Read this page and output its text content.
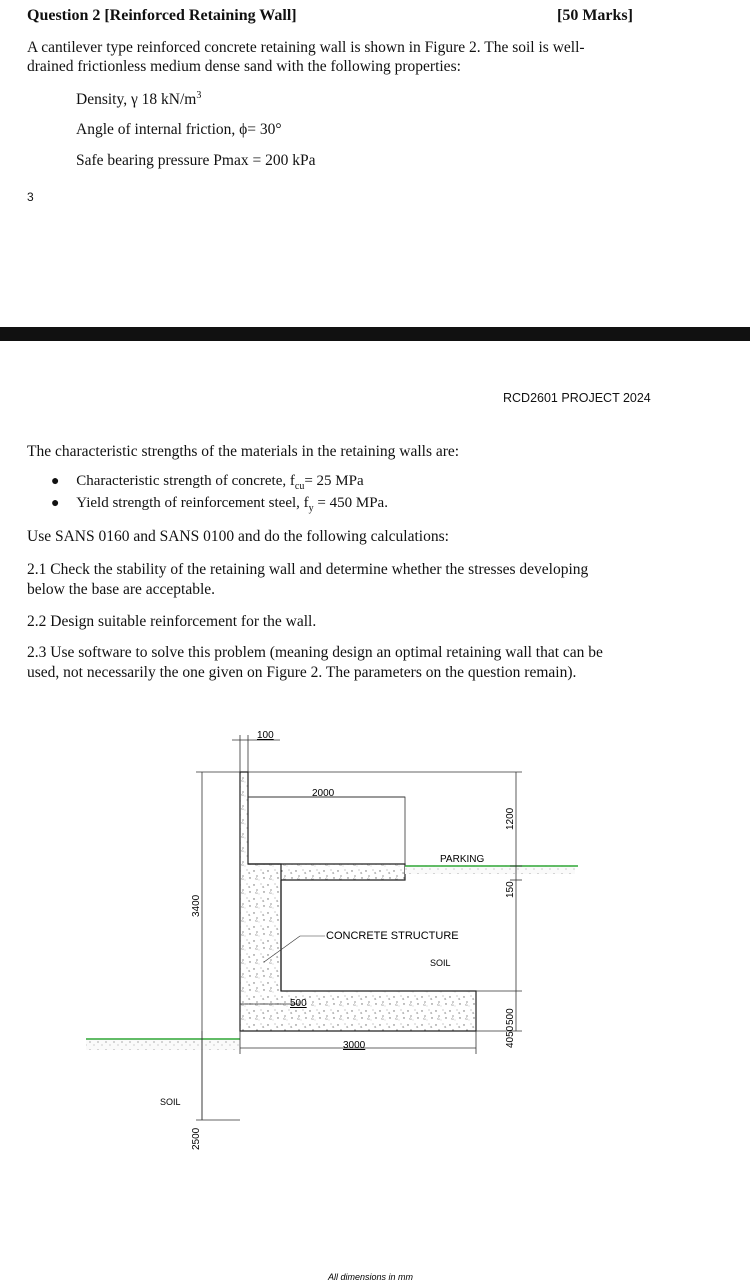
Question 2 [Reinforced Retaining Wall]	[50 Marks]
A cantilever type reinforced concrete retaining wall is shown in Figure 2. The soil is well-
drained frictionless medium dense sand with the following properties:
Density, γ 18 $kN/m^3$
Angle of internal friction, ϕ= 30°
Safe bearing pressure Pmax = 200 kPa
3
RCD2601 PROJECT 2024
The characteristic strengths of the materials in the retaining walls are:
● Characteristic strength of concrete, $f_{cu}= 25$ MPa
● Yield strength of reinforcement steel, $f_y = 450$ MPa.
Use SANS 0160 and SANS 0100 and do the following calculations:
2.1 Check the stability of the retaining wall and determine whether the stresses developing
below the base are acceptable.
2.2 Design suitable reinforcement for the wall.
2.3 Use software to solve this problem (meaning design an optimal retaining wall that can be
used, not necessarily the one given on Figure 2. The parameters on the question remain).
100
2000
3400
2500
1200
150
4050
500
500
3000
PARKING
CONCRETE STRUCTURE
SOIL
SOIL
All dimensions in mm
